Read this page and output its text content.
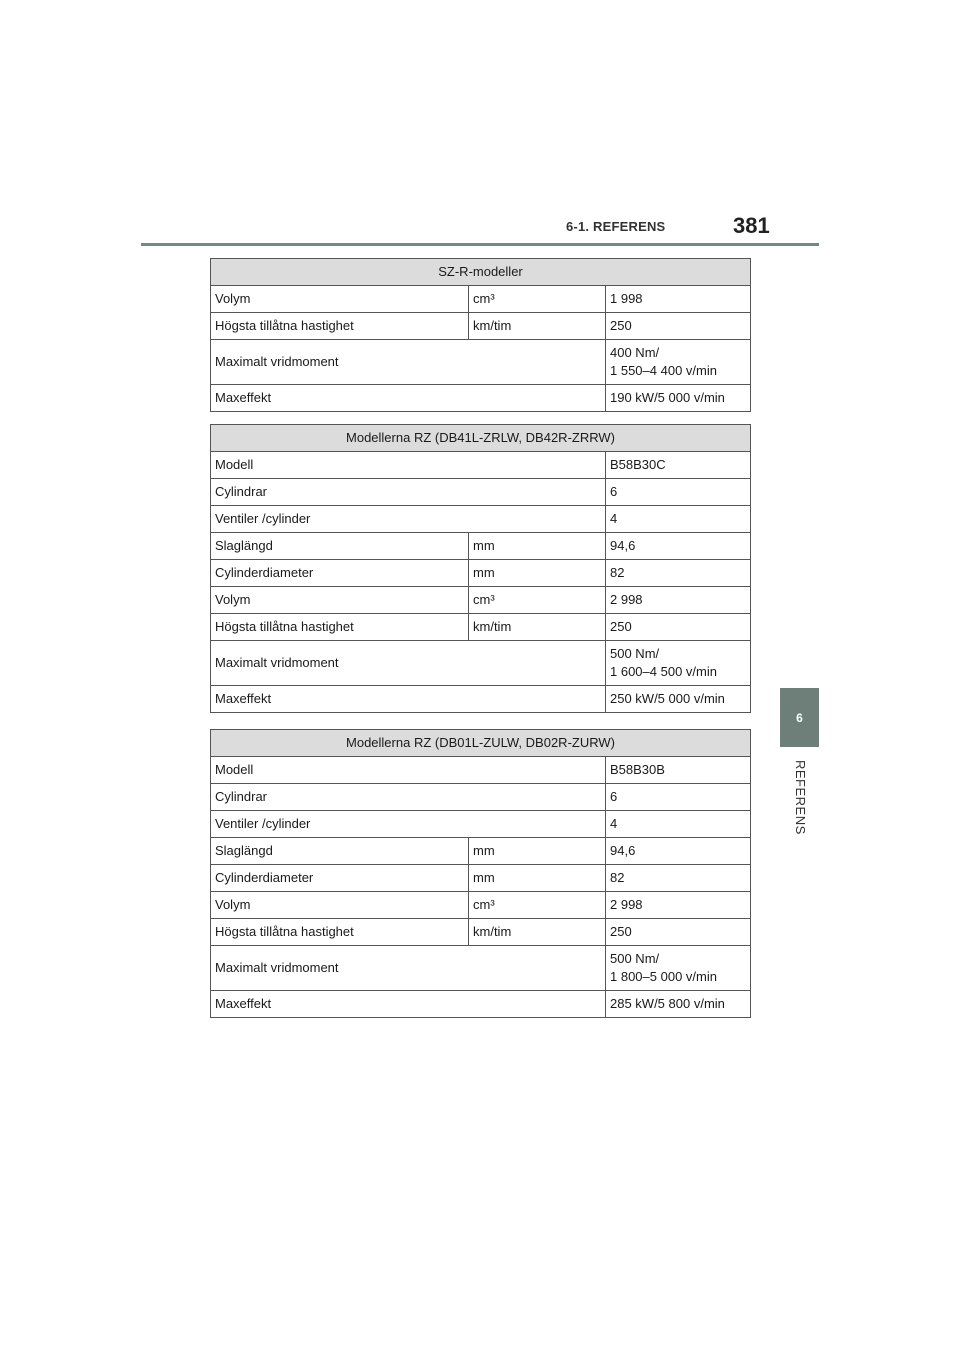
6-1. REFERENS	381
6
REFERENS
SZ-R-modeller		
Volym	cm³	1 998
Högsta tillåtna hastighet	km/tim	250
Maximalt vridmoment		400 Nm/
1 550–4 400 v/min

Maxeffekt		190 kW/5 000 v/min
Modellerna RZ (DB41L-ZRLW, DB42R-ZRRW)		
Modell		B58B30C
Cylindrar		6
Ventiler /cylinder		4
Slaglängd	mm	94,6
Cylinderdiameter	mm	82
Volym	cm³	2 998
Högsta tillåtna hastighet	km/tim	250
Maximalt vridmoment		500 Nm/
1 600–4 500 v/min

Maxeffekt		250 kW/5 000 v/min
Modellerna RZ (DB01L-ZULW, DB02R-ZURW)		
Modell		B58B30B
Cylindrar		6
Ventiler /cylinder		4
Slaglängd	mm	94,6
Cylinderdiameter	mm	82
Volym	cm³	2 998
Högsta tillåtna hastighet	km/tim	250
Maximalt vridmoment		500 Nm/
1 800–5 000 v/min

Maxeffekt		285 kW/5 800 v/min
